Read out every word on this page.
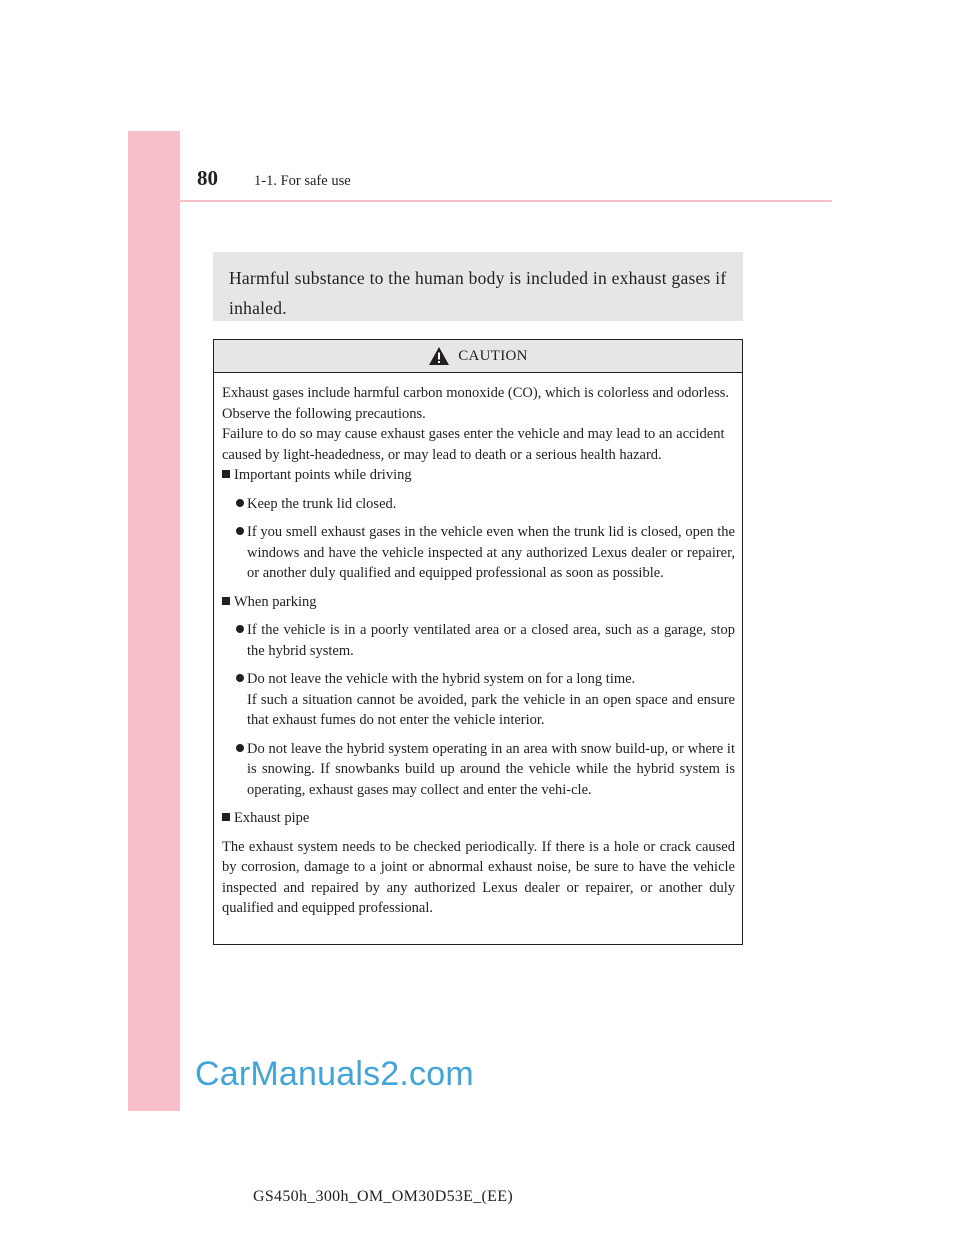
80 1-1. For safe use
Harmful substance to the human body is included in exhaust gases if inhaled.
CAUTION

Exhaust gases include harmful carbon monoxide (CO), which is colorless and odorless. Observe the following precautions.

Failure to do so may cause exhaust gases enter the vehicle and may lead to an accident caused by light-headedness, or may lead to death or a serious health hazard.

Important points while driving
Keep the trunk lid closed.
If you smell exhaust gases in the vehicle even when the trunk lid is closed, open the windows and have the vehicle inspected at any authorized Lexus dealer or repairer, or another duly qualified and equipped professional as soon as possible.
When parking
If the vehicle is in a poorly ventilated area or a closed area, such as a garage, stop the hybrid system.
Do not leave the vehicle with the hybrid system on for a long time.
If such a situation cannot be avoided, park the vehicle in an open space and ensure that exhaust fumes do not enter the vehicle interior.
Do not leave the hybrid system operating in an area with snow build-up, or where it is snowing. If snowbanks build up around the vehicle while the hybrid system is operating, exhaust gases may collect and enter the vehi-cle.
Exhaust pipe

The exhaust system needs to be checked periodically. If there is a hole or crack caused by corrosion, damage to a joint or abnormal exhaust noise, be sure to have the vehicle inspected and repaired by any authorized Lexus dealer or repairer, or another duly qualified and equipped professional.

CarManuals2.com
GS450h_300h_OM_OM30D53E_(EE)
